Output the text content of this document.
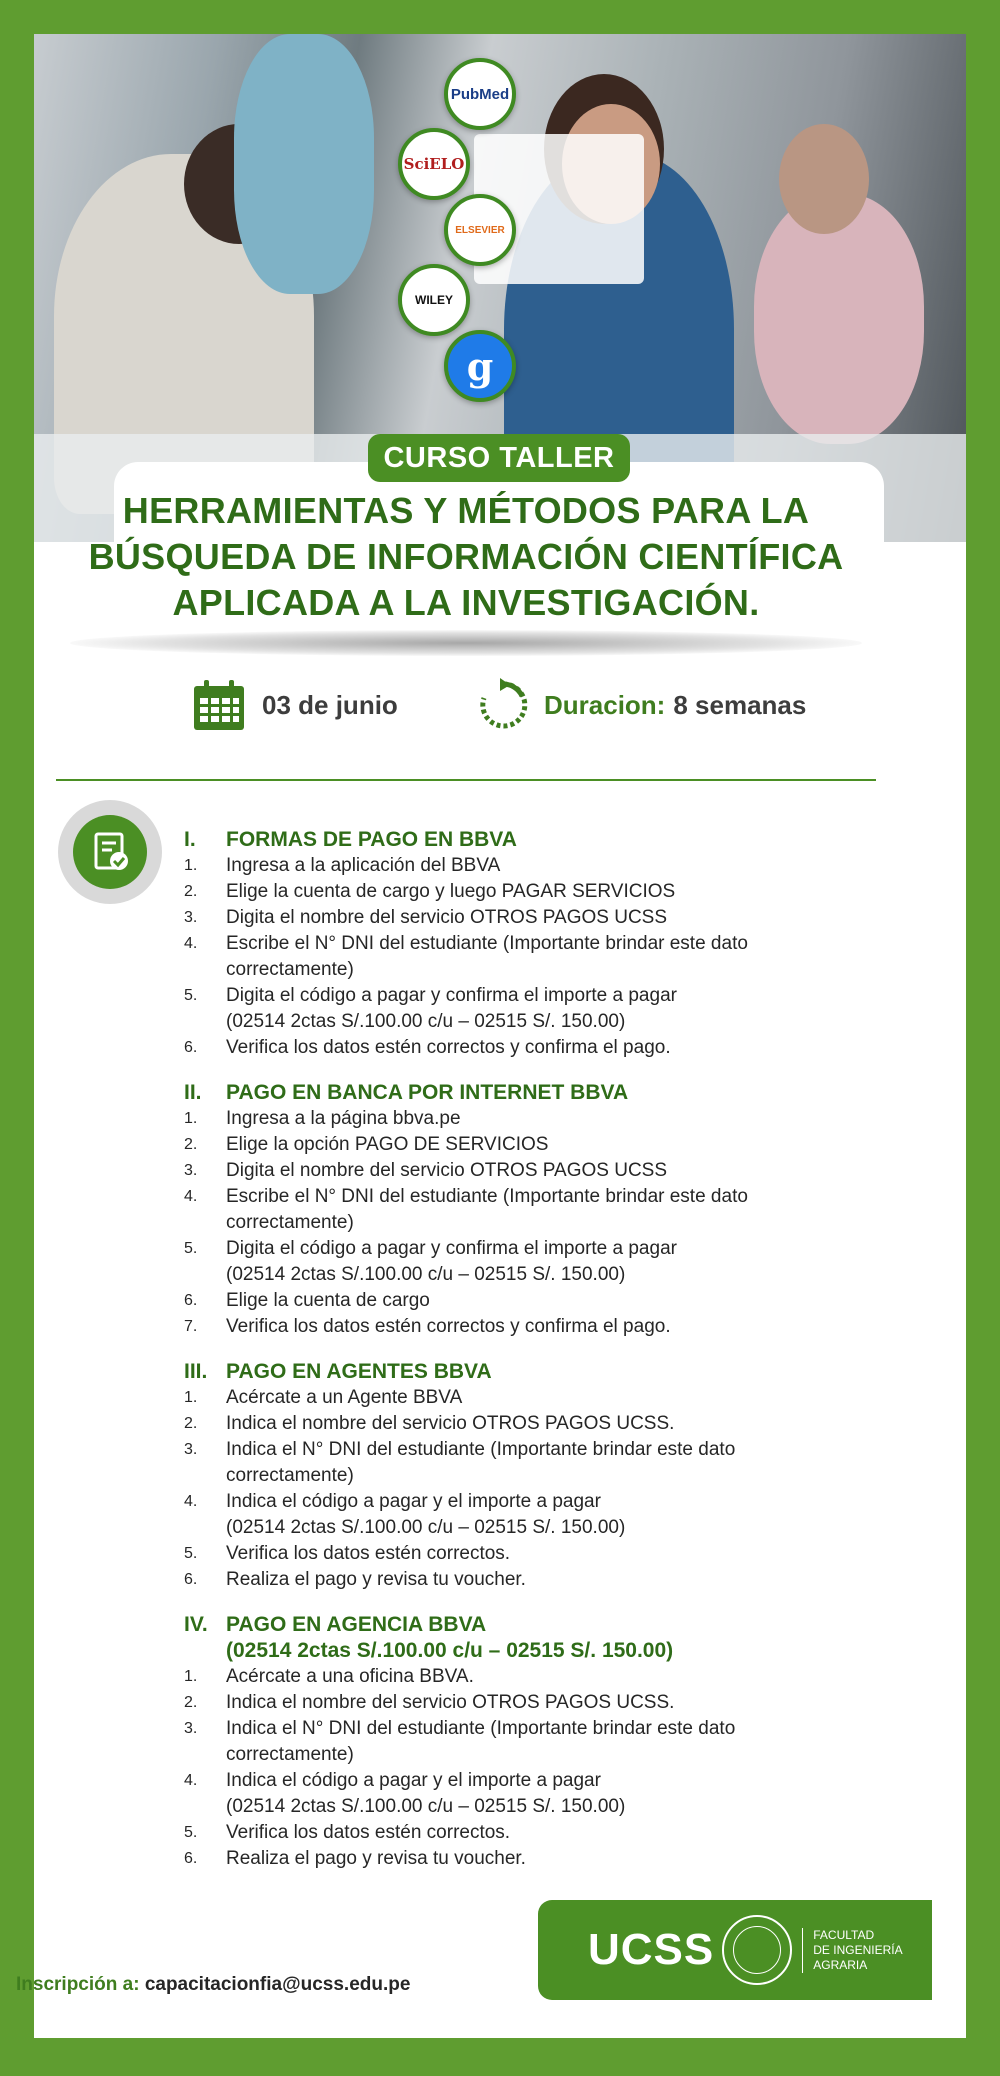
PubMed
SciELO
ELSEVIER
WILEY
g
CURSO TALLER
HERRAMIENTAS Y MÉTODOS PARA LA
BÚSQUEDA DE INFORMACIÓN CIENTÍFICA
APLICADA A LA INVESTIGACIÓN.
03 de junio	Duracion: 8 semanas
I.	FORMAS DE PAGO EN BBVA
1.	Ingresa a la aplicación del BBVA
2.	Elige la cuenta de cargo y luego PAGAR SERVICIOS
3.	Digita el nombre del servicio OTROS PAGOS UCSS
4.	Escribe el N° DNI del estudiante (Importante brindar este dato
correctamente)
5.	Digita el código a pagar y confirma el importe a pagar
(02514 2ctas S/.100.00 c/u – 02515 S/. 150.00)
6.	Verifica los datos estén correctos y confirma el pago.
II.	PAGO EN BANCA POR INTERNET BBVA
1.	Ingresa a la página bbva.pe
2.	Elige la opción PAGO DE SERVICIOS
3.	Digita el nombre del servicio OTROS PAGOS UCSS
4.	Escribe el N° DNI del estudiante (Importante brindar este dato
correctamente)
5.	Digita el código a pagar y confirma el importe a pagar
(02514 2ctas S/.100.00 c/u – 02515 S/. 150.00)
6.	Elige la cuenta de cargo
7.	Verifica los datos estén correctos y confirma el pago.
III. PAGO EN AGENTES BBVA
1.	Acércate a un Agente BBVA
2.	Indica el nombre del servicio OTROS PAGOS UCSS.
3.	Indica el N° DNI del estudiante (Importante brindar este dato
correctamente)
4.	Indica el código a pagar y el importe a pagar
(02514 2ctas S/.100.00 c/u – 02515 S/. 150.00)
5.	Verifica los datos estén correctos.
6.	Realiza el pago y revisa tu voucher.
IV. PAGO EN AGENCIA BBVA
(02514 2ctas S/.100.00 c/u – 02515 S/. 150.00)
1.	Acércate a una oficina BBVA.
2.	Indica el nombre del servicio OTROS PAGOS UCSS.
3.	Indica el N° DNI del estudiante (Importante brindar este dato
correctamente)
4.	Indica el código a pagar y el importe a pagar
(02514 2ctas S/.100.00 c/u – 02515 S/. 150.00)
5.	Verifica los datos estén correctos.
6.	Realiza el pago y revisa tu voucher.
UCSS	FACULTAD
DE INGENIERÍA
AGRARIA
Inscripción a: capacitacionfia@ucss.edu.pe
